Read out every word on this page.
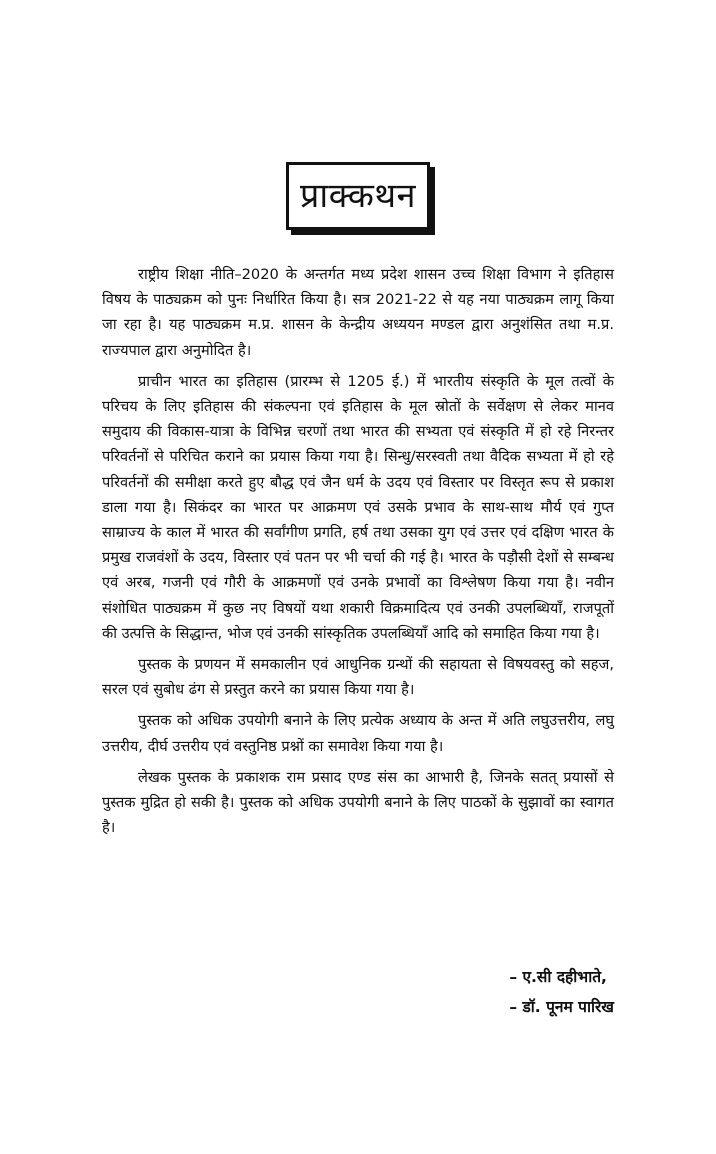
प्राक्कथन

राष्ट्रीय शिक्षा नीति–2020 के अन्तर्गत मध्य प्रदेश शासन उच्च शिक्षा विभाग ने इतिहास विषय के पाठ्यक्रम को पुनः निर्धारित किया है। सत्र 2021-22 से यह नया पाठ्यक्रम लागू किया जा रहा है। यह पाठ्यक्रम म.प्र. शासन के केन्द्रीय अध्ययन मण्डल द्वारा अनुशंसित तथा म.प्र. राज्यपाल द्वारा अनुमोदित है।

प्राचीन भारत का इतिहास (प्रारम्भ से 1205 ई.) में भारतीय संस्कृति के मूल तत्वों के परिचय के लिए इतिहास की संकल्पना एवं इतिहास के मूल स्रोतों के सर्वेक्षण से लेकर मानव समुदाय की विकास-यात्रा के विभिन्न चरणों तथा भारत की सभ्यता एवं संस्कृति में हो रहे निरन्तर परिवर्तनों से परिचित कराने का प्रयास किया गया है। सिन्धु/सरस्वती तथा वैदिक सभ्यता में हो रहे परिवर्तनों की समीक्षा करते हुए बौद्ध एवं जैन धर्म के उदय एवं विस्तार पर विस्तृत रूप से प्रकाश डाला गया है। सिकंदर का भारत पर आक्रमण एवं उसके प्रभाव के साथ-साथ मौर्य एवं गुप्त साम्राज्य के काल में भारत की सर्वांगीण प्रगति, हर्ष तथा उसका युग एवं उत्तर एवं दक्षिण भारत के प्रमुख राजवंशों के उदय, विस्तार एवं पतन पर भी चर्चा की गई है। भारत के पड़ौसी देशों से सम्बन्ध एवं अरब, गजनी एवं गौरी के आक्रमणों एवं उनके प्रभावों का विश्लेषण किया गया है। नवीन संशोधित पाठ्यक्रम में कुछ नए विषयों यथा शकारी विक्रमादित्य एवं उनकी उपलब्धियाँ, राजपूतों की उत्पत्ति के सिद्धान्त, भोज एवं उनकी सांस्कृतिक उपलब्धियाँ आदि को समाहित किया गया है।

पुस्तक के प्रणयन में समकालीन एवं आधुनिक ग्रन्थों की सहायता से विषयवस्तु को सहज, सरल एवं सुबोध ढंग से प्रस्तुत करने का प्रयास किया गया है।

पुस्तक को अधिक उपयोगी बनाने के लिए प्रत्येक अध्याय के अन्त में अति लघुउत्तरीय, लघु उत्तरीय, दीर्घ उत्तरीय एवं वस्तुनिष्ठ प्रश्नों का समावेश किया गया है।

लेखक पुस्तक के प्रकाशक राम प्रसाद एण्ड संस का आभारी है, जिनके सतत् प्रयासों से पुस्तक मुद्रित हो सकी है। पुस्तक को अधिक उपयोगी बनाने के लिए पाठकों के सुझावों का स्वागत है।

– ए.सी दहीभाते,
– डॉ. पूनम पारिख
